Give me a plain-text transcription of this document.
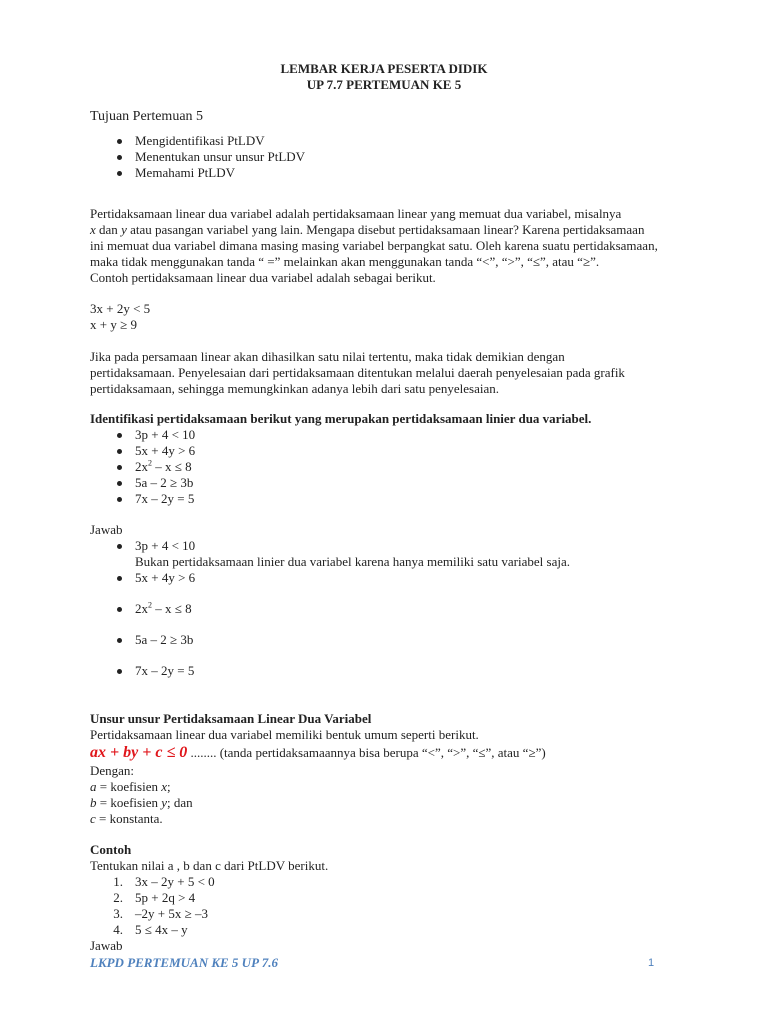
LEMBAR KERJA PESERTA DIDIK
UP 7.7 PERTEMUAN KE 5
Tujuan Pertemuan 5
Mengidentifikasi PtLDV
Menentukan unsur unsur PtLDV
Memahami PtLDV
Pertidaksamaan linear dua variabel adalah pertidaksamaan linear yang memuat dua variabel, misalnya
x dan y atau pasangan variabel yang lain. Mengapa disebut pertidaksamaan linear? Karena pertidaksamaan
ini memuat dua variabel dimana masing masing variabel berpangkat satu. Oleh karena suatu pertidaksamaan,
maka tidak menggunakan tanda “ =” melainkan akan menggunakan tanda “<”, “>”, “≤”, atau “≥”.
Contoh pertidaksamaan linear dua variabel adalah sebagai berikut.
3x + 2y < 5
x + y ≥ 9
Jika pada persamaan linear akan dihasilkan satu nilai tertentu, maka tidak demikian dengan
pertidaksamaan. Penyelesaian dari pertidaksamaan ditentukan melalui daerah penyelesaian pada grafik
pertidaksamaan, sehingga memungkinkan adanya lebih dari satu penyelesaian.
Identifikasi pertidaksamaan berikut yang merupakan pertidaksamaan linier dua variabel.
3p + 4 < 10
5x + 4y > 6
$2x^2 - x \le 8$
5a – 2 ≥ 3b
7x – 2y = 5
Jawab
3p + 4 < 10
Bukan pertidaksamaan linier dua variabel karena hanya memiliki satu variabel saja.
5x + 4y > 6
$2x^2 - x \le 8$
5a – 2 ≥ 3b
7x – 2y = 5
Unsur unsur Pertidaksamaan Linear Dua Variabel
Pertidaksamaan linear dua variabel memiliki bentuk umum seperti berikut.
ax + by + c ≤ 0 ........ (tanda pertidaksamaannya bisa berupa “<”, “>”, “≤”, atau “≥”)
Dengan:
a = koefisien x;
b = koefisien y; dan
c = konstanta.
Contoh
Tentukan nilai a , b dan c dari PtLDV berikut.
1. 3x – 2y + 5 < 0
2. 5p + 2q > 4
3. –2y + 5x ≥ –3
4. 5 ≤ 4x – y
Jawab
LKPD PERTEMUAN KE 5 UP 7.6	1
